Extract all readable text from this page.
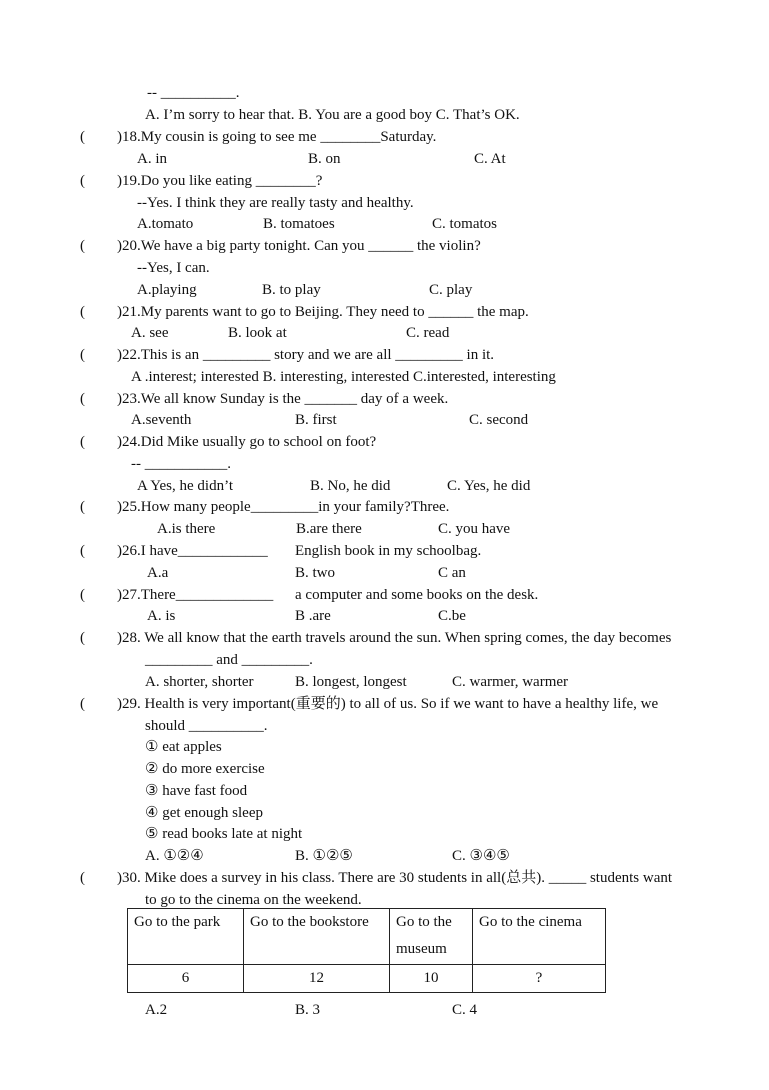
(
(
(
(
(
(
(
(
(
(
(
(
(
-- __________.
A. I’m sorry to hear that. B. You are a good boy C. That’s OK.
)18.My cousin is going to see me ________Saturday.
A. in	B. on	C. At
)19.Do you like eating ________?
--Yes. I think they are really tasty and healthy.
A.tomato	B. tomatoes	C. tomatos
)20.We have a big party tonight. Can you ______ the violin?
--Yes, I can.
A.playing	B. to play	C. play
)21.My parents want to go to Beijing. They need to ______ the map.
A. see	B. look at	C. read
)22.This is an _________ story and we are all _________ in it.
A .interest; interested B. interesting, interested C.interested, interesting
)23.We all know Sunday is the _______ day of a week.
A.seventh	B. first	C. second
)24.Did Mike usually go to school on foot?
-- ___________.
A Yes, he didn’t	B. No, he did	C. Yes, he did
)25.How many people_________in your family?Three.
A.is there	B.are there	C. you have
)26.I have____________ English book in my schoolbag.
A.a	B. two	C an
)27.There_____________ a computer and some books on the desk.
A. is	B .are	C.be
)28. We all know that the earth travels around the sun. When spring comes, the day becomes
_________ and _________.
A. shorter, shorter	B. longest, longest	C. warmer, warmer
)29. Health is very important(重要的) to all of us. So if we want to have a healthy life, we
should __________.
① eat apples
② do more exercise
③ have fast food
④ get enough sleep
⑤ read books late at night
A. ①②④	B. ①②⑤	C. ③④⑤
)30. Mike does a survey in his class. There are 30 students in all(总共). _____ students want
to go to the cinema on the weekend.
Go to the park	Go to the bookstore	Go to the museum	Go to the cinema
6	12	10	?
A.2	B. 3	C. 4
